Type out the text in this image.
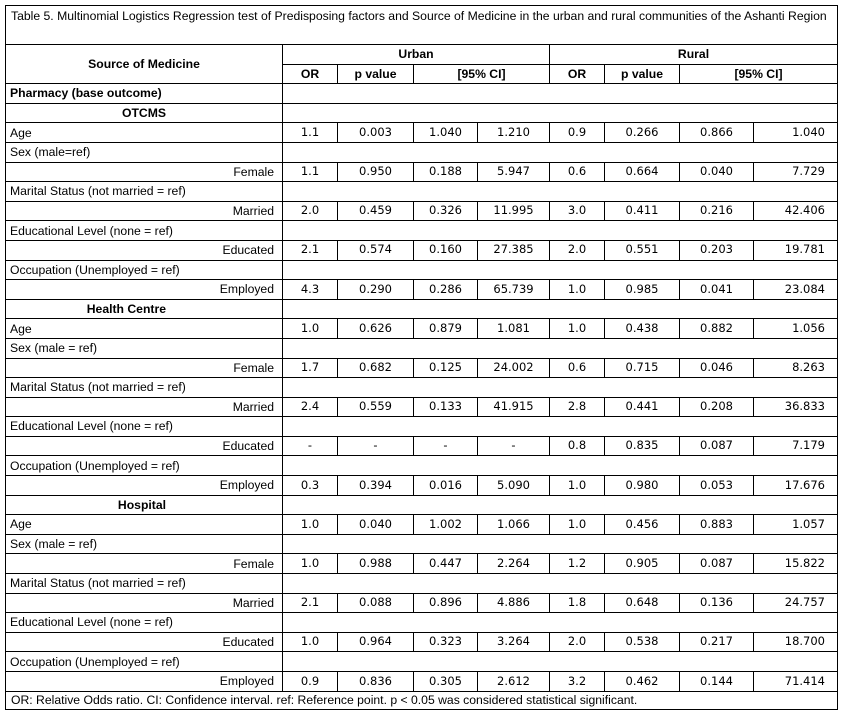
Table 5. Multinomial Logistics Regression test of Predisposing factors and Source of Medicine in the urban and rural communities of the Ashanti Region								
Source of Medicine	Urban				Rural			
	OR	p value	[95% CI]		OR	p value	[95% CI]	
Pharmacy (base outcome)								
OTCMS								
Age	1.1	0.003	1.040	1.210	0.9	0.266	0.866	1.040
Sex (male=ref)								
Female	1.1	0.950	0.188	5.947	0.6	0.664	0.040	7.729
Marital Status (not married = ref)								
Married	2.0	0.459	0.326	11.995	3.0	0.411	0.216	42.406
Educational Level (none = ref)								
Educated	2.1	0.574	0.160	27.385	2.0	0.551	0.203	19.781
Occupation (Unemployed = ref)								
Employed	4.3	0.290	0.286	65.739	1.0	0.985	0.041	23.084
Health Centre								
Age	1.0	0.626	0.879	1.081	1.0	0.438	0.882	1.056
Sex (male = ref)								
Female	1.7	0.682	0.125	24.002	0.6	0.715	0.046	8.263
Marital Status (not married = ref)								
Married	2.4	0.559	0.133	41.915	2.8	0.441	0.208	36.833
Educational Level (none = ref)								
Educated	-	-	-	-	0.8	0.835	0.087	7.179
Occupation (Unemployed = ref)								
Employed	0.3	0.394	0.016	5.090	1.0	0.980	0.053	17.676
Hospital								
Age	1.0	0.040	1.002	1.066	1.0	0.456	0.883	1.057
Sex (male = ref)								
Female	1.0	0.988	0.447	2.264	1.2	0.905	0.087	15.822
Marital Status (not married = ref)								
Married	2.1	0.088	0.896	4.886	1.8	0.648	0.136	24.757
Educational Level (none = ref)								
Educated	1.0	0.964	0.323	3.264	2.0	0.538	0.217	18.700
Occupation (Unemployed = ref)								
Employed	0.9	0.836	0.305	2.612	3.2	0.462	0.144	71.414
OR: Relative Odds ratio. CI: Confidence interval. ref: Reference point. p < 0.05 was considered statistical significant.								
